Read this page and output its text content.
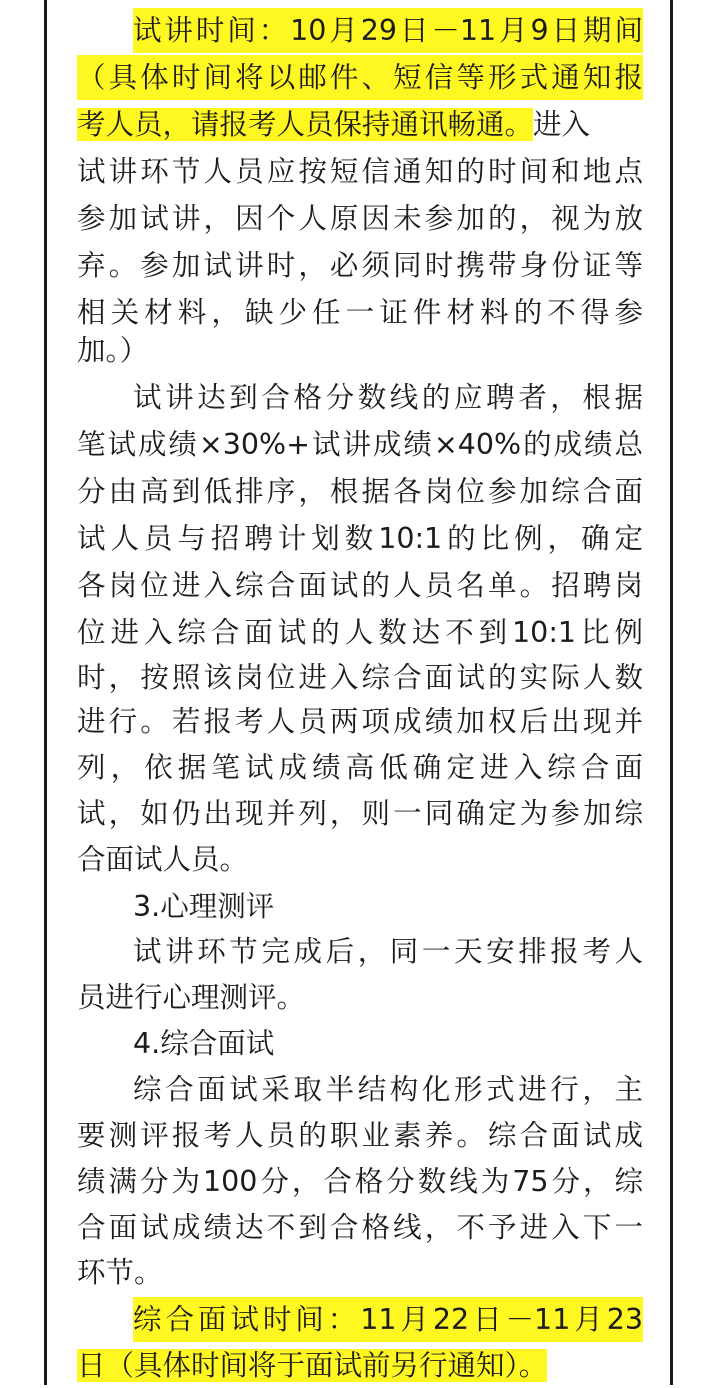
试讲时间：10月29日－11月9日期间
（具体时间将以邮件、短信等形式通知报
考人员，请报考人员保持通讯畅通。进入
试讲环节人员应按短信通知的时间和地点
参加试讲，因个人原因未参加的，视为放
弃。参加试讲时，必须同时携带身份证等
相关材料，缺少任一证件材料的不得参
加。）
试讲达到合格分数线的应聘者，根据
笔试成绩×30%+试讲成绩×40%的成绩总
分由高到低排序，根据各岗位参加综合面
试人员与招聘计划数10:1的比例，确定
各岗位进入综合面试的人员名单。招聘岗
位进入综合面试的人数达不到10:1比例
时，按照该岗位进入综合面试的实际人数
进行。若报考人员两项成绩加权后出现并
列，依据笔试成绩高低确定进入综合面
试，如仍出现并列，则一同确定为参加综
合面试人员。
3.心理测评
试讲环节完成后，同一天安排报考人
员进行心理测评。
4.综合面试
综合面试采取半结构化形式进行，主
要测评报考人员的职业素养。综合面试成
绩满分为100分，合格分数线为75分，综
合面试成绩达不到合格线，不予进入下一
环节。
综合面试时间：11月22日－11月23
日（具体时间将于面试前另行通知）。
